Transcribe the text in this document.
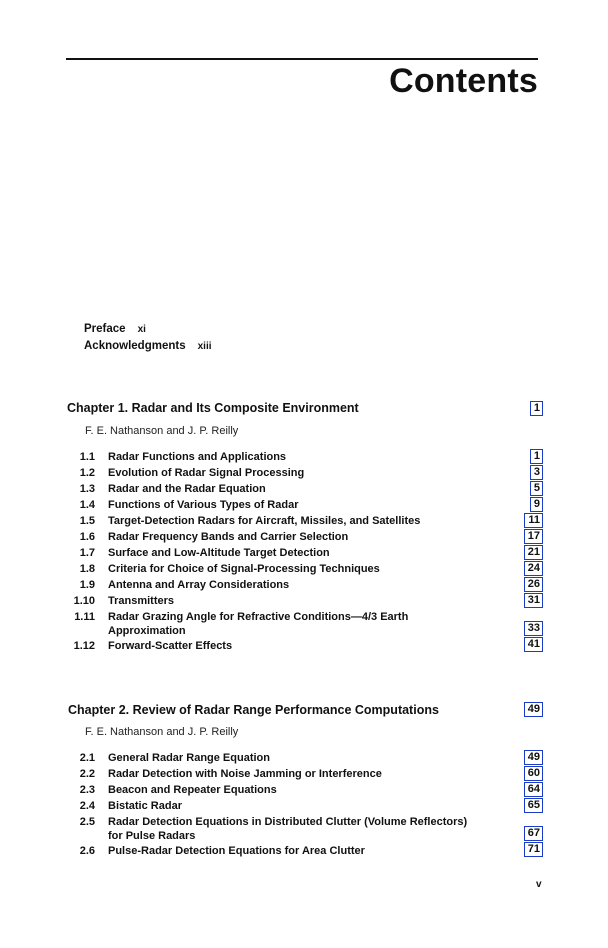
Contents
Preface xi
Acknowledgments xiii
Chapter 1. Radar and Its Composite Environment	1
F. E. Nathanson and J. P. Reilly
1.1 Radar Functions and Applications	1
1.2 Evolution of Radar Signal Processing	3
1.3 Radar and the Radar Equation	5
1.4 Functions of Various Types of Radar	9
1.5 Target-Detection Radars for Aircraft, Missiles, and Satellites	11
1.6 Radar Frequency Bands and Carrier Selection	17
1.7 Surface and Low-Altitude Target Detection	21
1.8 Criteria for Choice of Signal-Processing Techniques	24
1.9 Antenna and Array Considerations	26
1.10 Transmitters	31
1.11 Radar Grazing Angle for Refractive Conditions—4/3 Earth
Approximation	33
1.12 Forward-Scatter Effects	41
Chapter 2. Review of Radar Range Performance Computations	49
F. E. Nathanson and J. P. Reilly
2.1 General Radar Range Equation	49
2.2 Radar Detection with Noise Jamming or Interference	60
2.3 Beacon and Repeater Equations	64
2.4 Bistatic Radar	65
2.5 Radar Detection Equations in Distributed Clutter (Volume Reflectors)
for Pulse Radars	67
2.6 Pulse-Radar Detection Equations for Area Clutter	71
v
